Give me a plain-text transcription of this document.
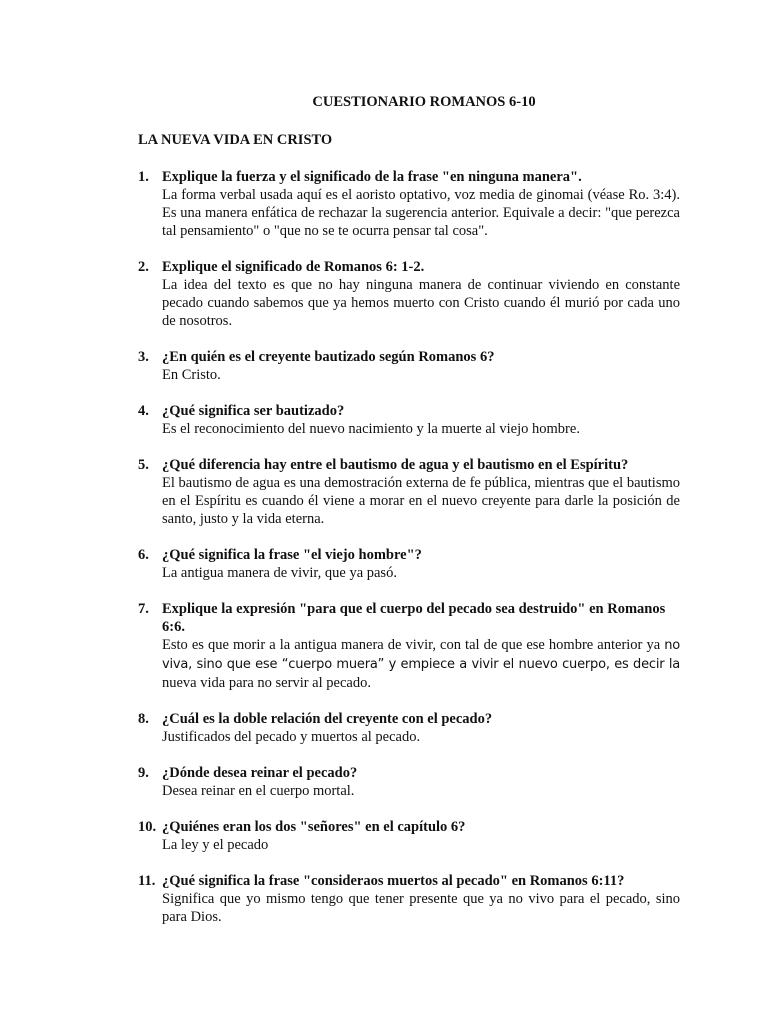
CUESTIONARIO ROMANOS 6-10
LA NUEVA VIDA EN CRISTO
1. Explique la fuerza y el significado de la frase "en ninguna manera".
La forma verbal usada aquí es el aoristo optativo, voz media de ginomai (véase Ro. 3:4). Es una manera enfática de rechazar la sugerencia anterior. Equivale a decir: "que perezca tal pensamiento" o "que no se te ocurra pensar tal cosa".
2. Explique el significado de Romanos 6: 1-2.
La idea del texto es que no hay ninguna manera de continuar viviendo en constante pecado cuando sabemos que ya hemos muerto con Cristo cuando él murió por cada uno de nosotros.
3. ¿En quién es el creyente bautizado según Romanos 6?
En Cristo.
4. ¿Qué significa ser bautizado?
Es el reconocimiento del nuevo nacimiento y la muerte al viejo hombre.
5. ¿Qué diferencia hay entre el bautismo de agua y el bautismo en el Espíritu?
El bautismo de agua es una demostración externa de fe pública, mientras que el bautismo en el Espíritu es cuando él viene a morar en el nuevo creyente para darle la posición de santo, justo y la vida eterna.
6. ¿Qué significa la frase "el viejo hombre"?
La antigua manera de vivir, que ya pasó.
7. Explique la expresión "para que el cuerpo del pecado sea destruido" en Romanos 6:6.
Esto es que morir a la antigua manera de vivir, con tal de que ese hombre anterior ya no viva, sino que ese “cuerpo muera” y empiece a vivir el nuevo cuerpo, es decir la nueva vida para no servir al pecado.
8. ¿Cuál es la doble relación del creyente con el pecado?
Justificados del pecado y muertos al pecado.
9. ¿Dónde desea reinar el pecado?
Desea reinar en el cuerpo mortal.
10. ¿Quiénes eran los dos "señores" en el capítulo 6?
La ley y el pecado
11. ¿Qué significa la frase "consideraos muertos al pecado" en Romanos 6:11?
Significa que yo mismo tengo que tener presente que ya no vivo para el pecado, sino para Dios.
